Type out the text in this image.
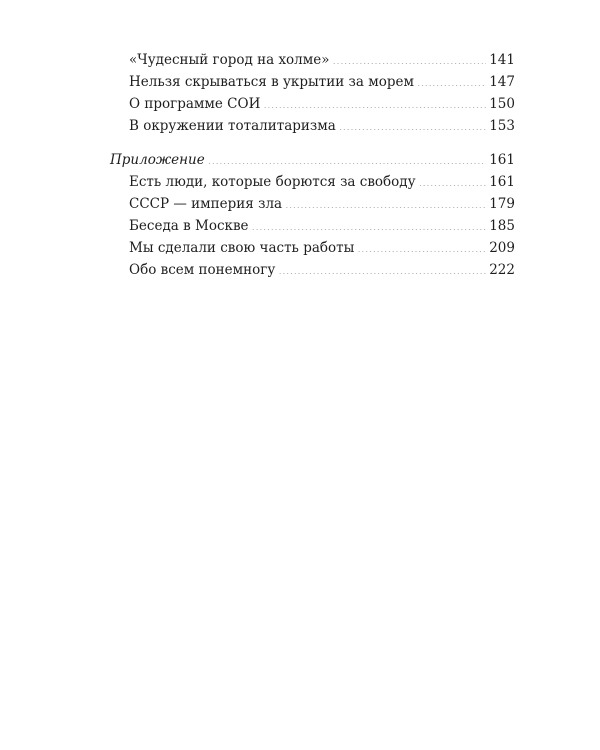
«Чудесный город на холме» . . .	141
Нельзя скрываться в укрытии за морем . . .	147
О программе СОИ . . .	150
В окружении тоталитаризма . . .	153
Приложение . . .	161
Есть люди, которые борются за свободу . . .	161
СССР — империя зла . . .	179
Беседа в Москве . . .	185
Мы сделали свою часть работы . . .	209
Обо всем понемногу . . .	222
